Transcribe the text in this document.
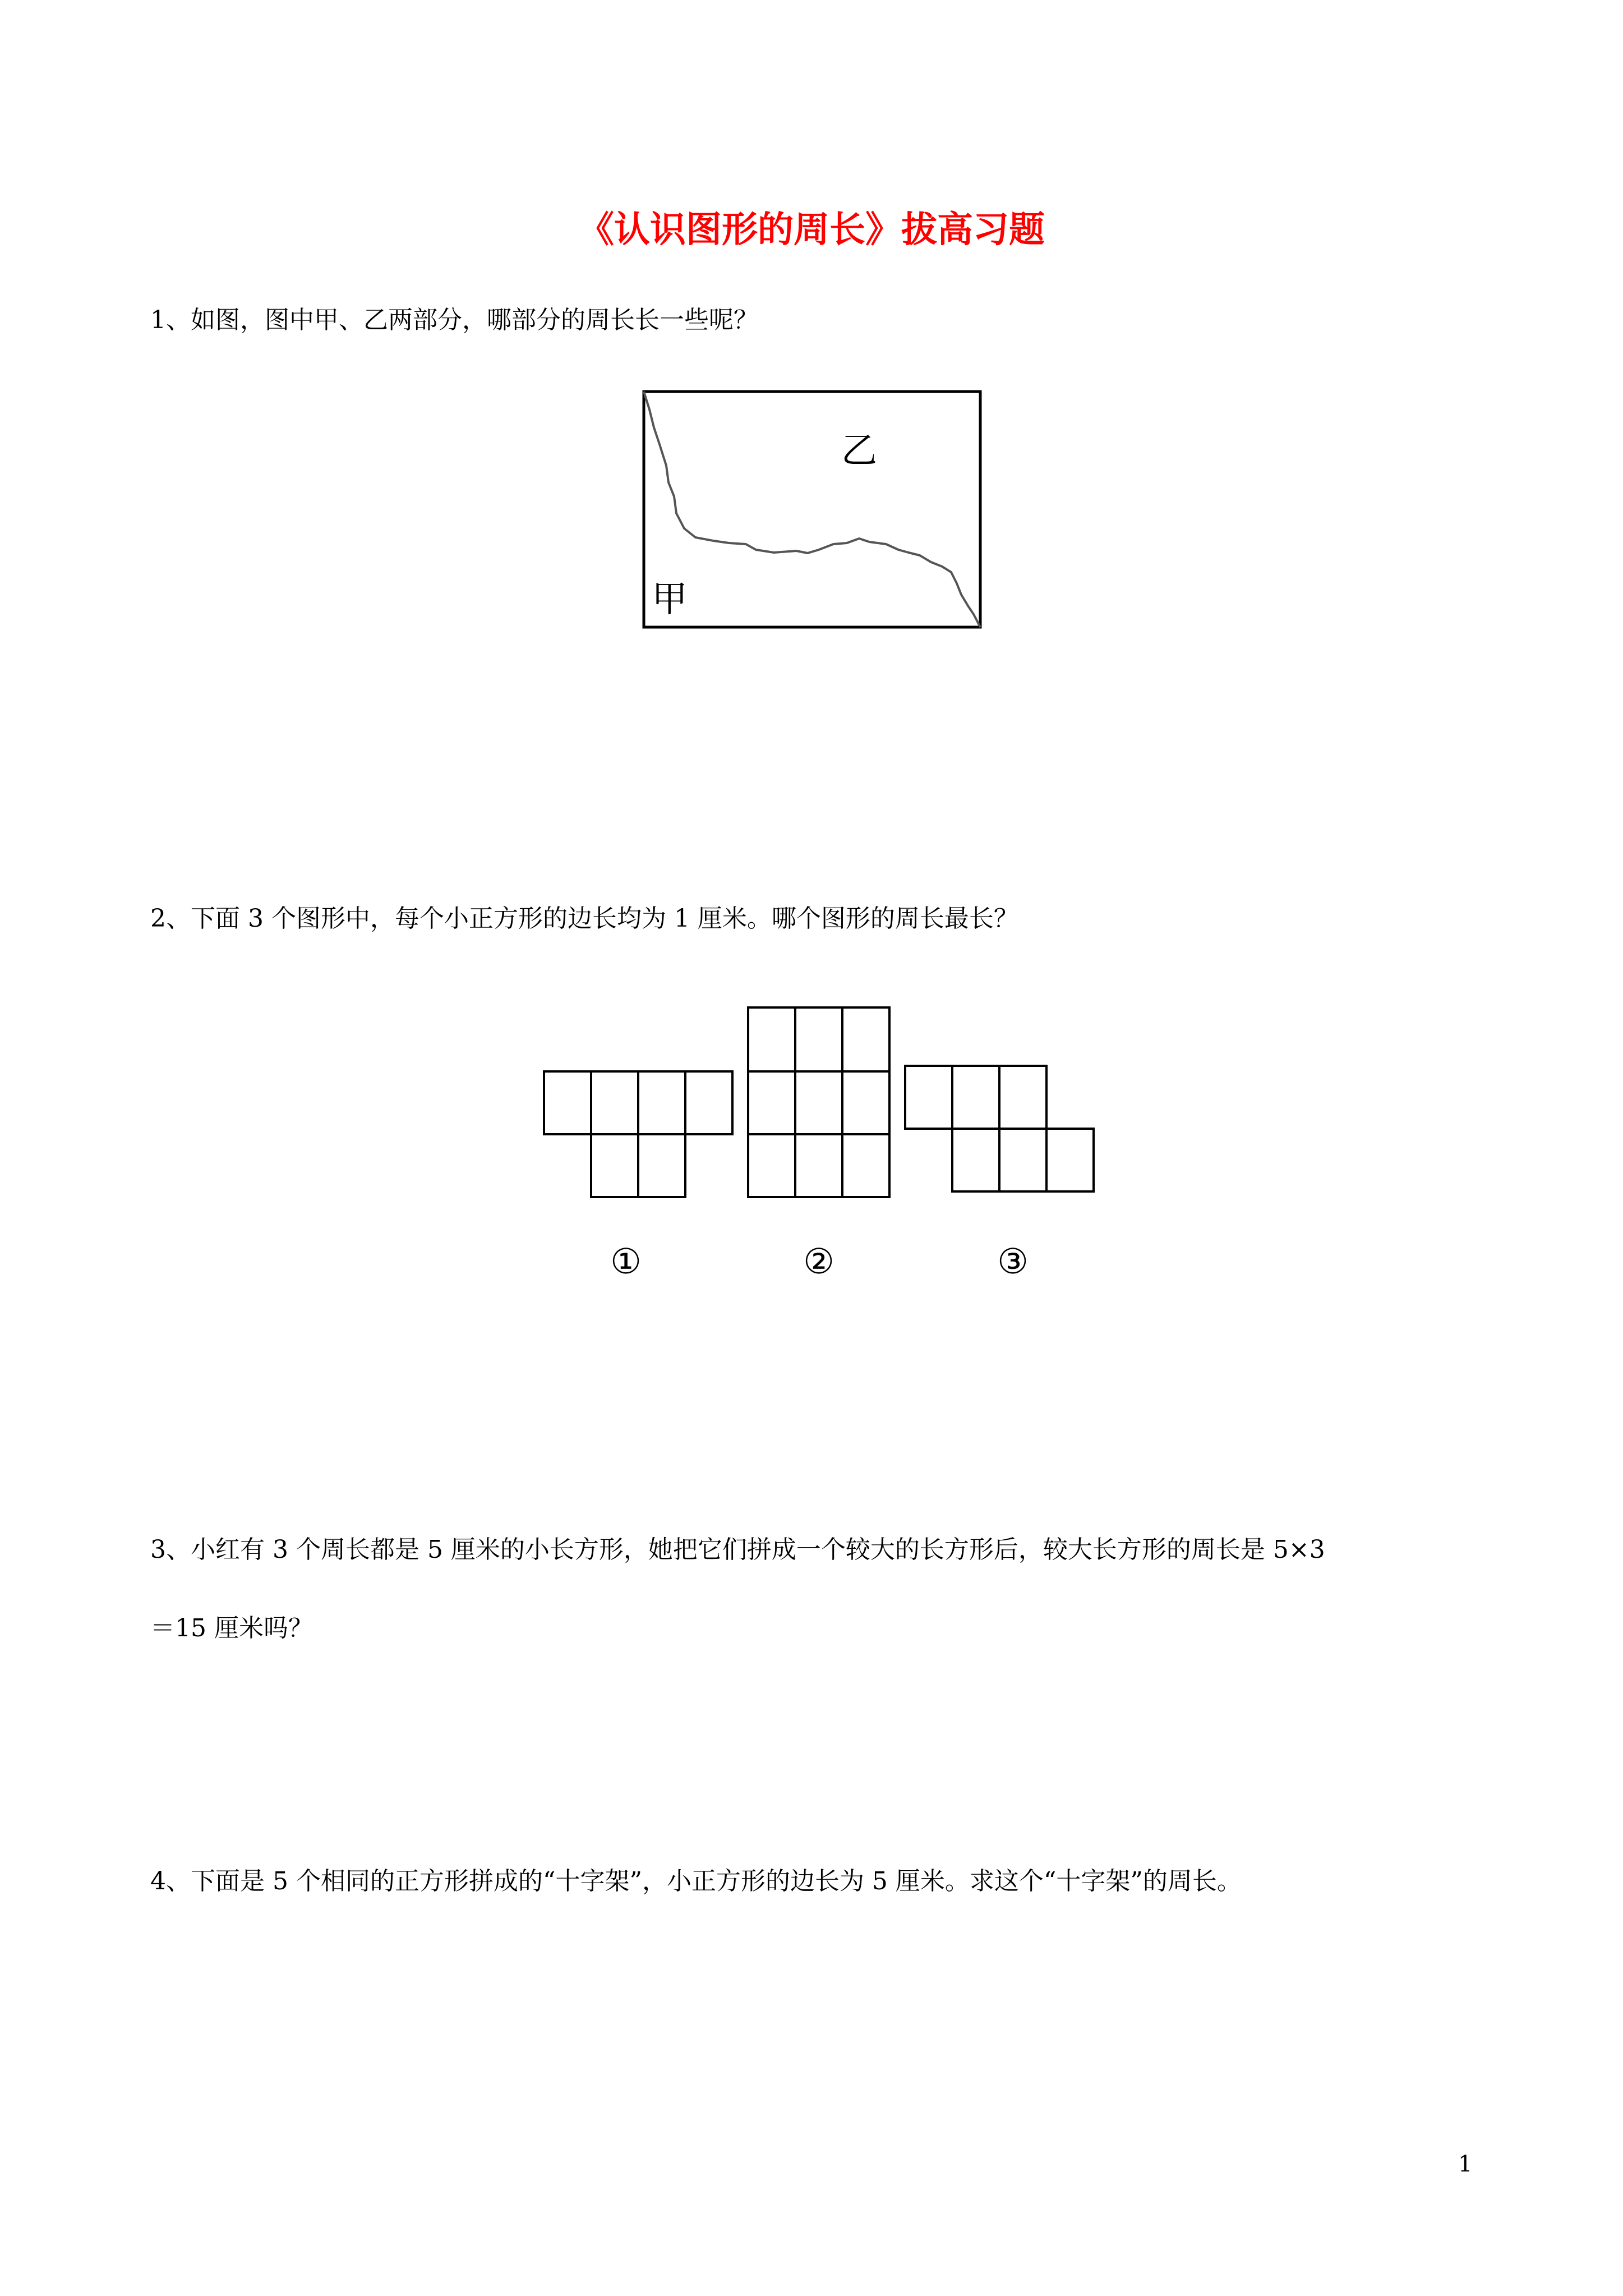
《认识图形的周长》拔高习题
1、如图，图中甲、乙两部分，哪部分的周长长一些呢？
乙
甲
2、下面 3 个图形中，每个小正方形的边长均为 1 厘米。哪个图形的周长最长？
①	②	③
3、小红有 3 个周长都是 5 厘米的小长方形，她把它们拼成一个较大的长方形后，较大长方形的周长是 5×3
＝15 厘米吗？
4、下面是 5 个相同的正方形拼成的“十字架”，小正方形的边长为 5 厘米。求这个“十字架”的周长。
1
